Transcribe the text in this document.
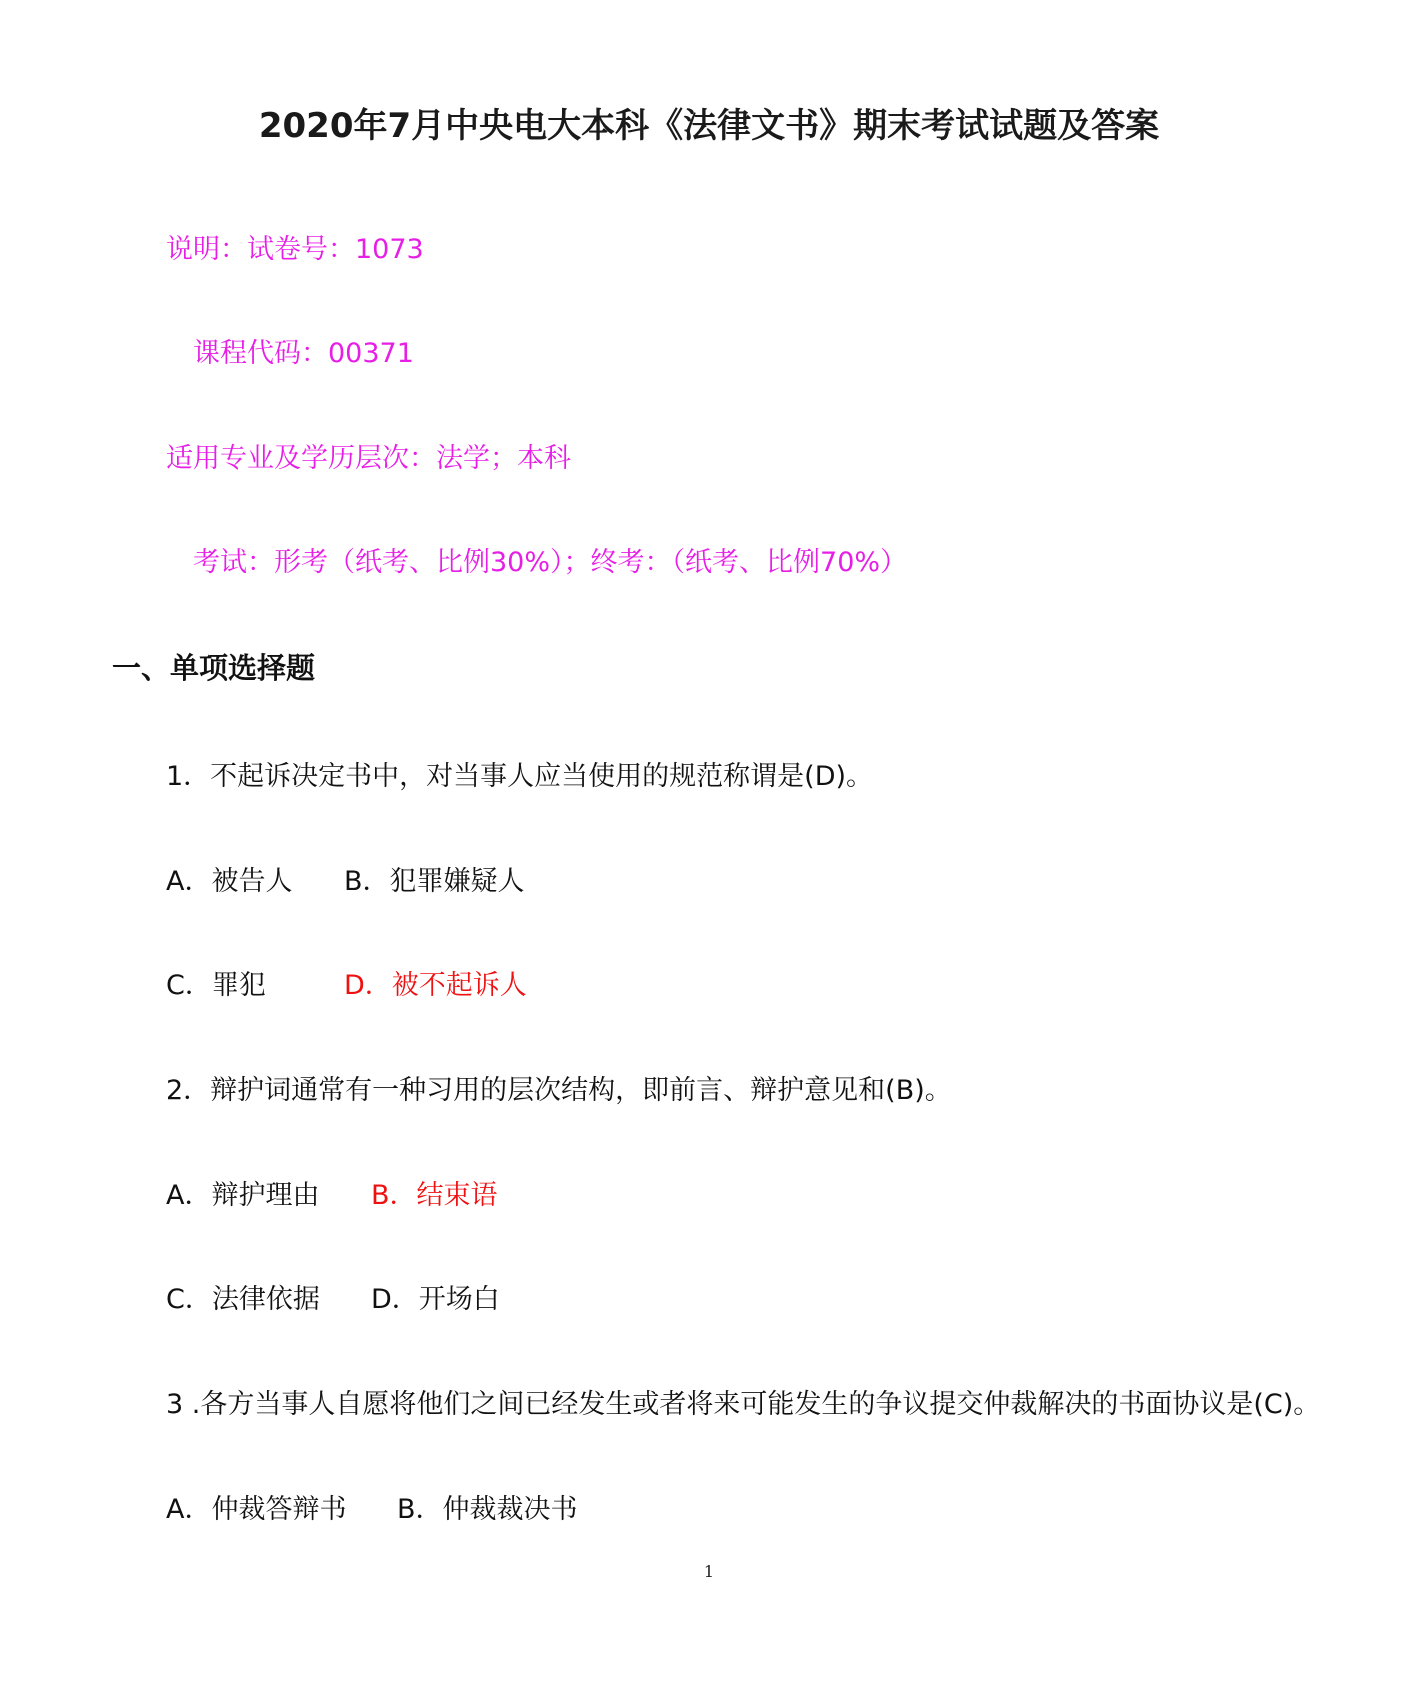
2020年7月中央电大本科《法律文书》期末考试试题及答案
说明：试卷号：1073
课程代码：00371
适用专业及学历层次：法学；本科
考试：形考（纸考、比例30%）；终考：（纸考、比例70%）
一、单项选择题
1．不起诉决定书中，对当事人应当使用的规范称谓是(D)。
A．被告人 B．犯罪嫌疑人
C．罪犯	D．被不起诉人
2．辩护词通常有一种习用的层次结构，即前言、辩护意见和(B)。
A．辩护理由 B．结束语
C．法律依据 D．开场白
3 .各方当事人自愿将他们之间已经发生或者将来可能发生的争议提交仲裁解决的书面协议是(C)。
A．仲裁答辩书 B．仲裁裁决书
1
